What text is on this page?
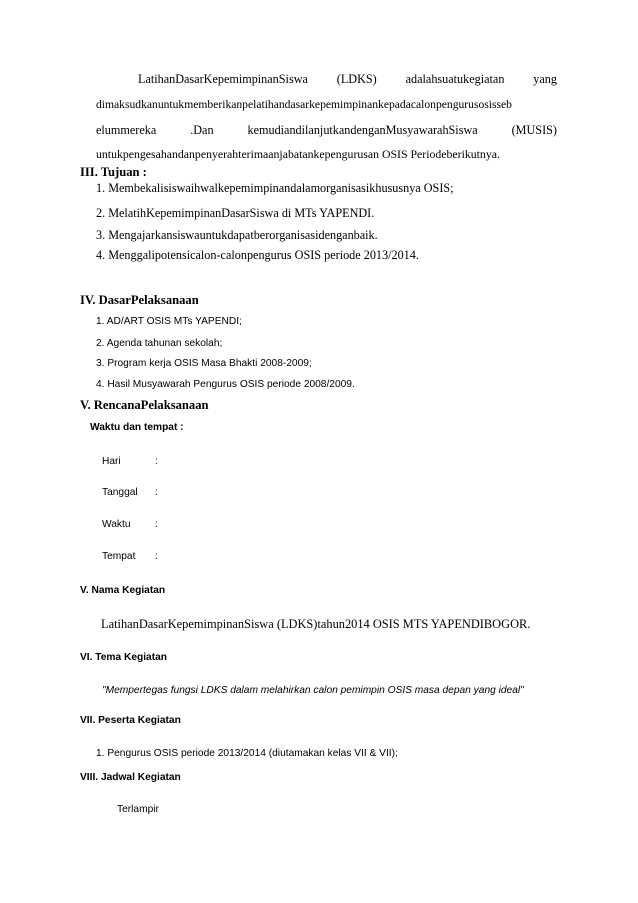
LatihanDasarKepemimpinanSiswa (LDKS) adalahsuatukegiatan yang
dimaksudkanuntukmemberikanpelatihandasarkepemimpinankepadacalonpengurusosisseb
elummereka	.Dan	kemudiandilanjutkandenganMusyawarahSiswa	(MUSIS)
untukpengesahandanpenyerahterimaanjabatankepengurusan OSIS Periodeberikutnya.
III. Tujuan :
1. Membekalisiswaihwalkepemimpinandalamorganisasikhususnya OSIS;
2. MelatihKepemimpinanDasarSiswa di MTs YAPENDI.
3. Mengajarkansiswauntukdapatberorganisasidenganbaik.
4. Menggalipotensicalon-calonpengurus OSIS periode 2013/2014.
IV. DasarPelaksanaan
1. AD/ART OSIS MTs YAPENDI;
2. Agenda tahunan sekolah;
3. Program kerja OSIS Masa Bhakti 2008-2009;
4. Hasil Musyawarah Pengurus OSIS periode 2008/2009.
V. RencanaPelaksanaan
Waktu dan tempat :
Hari	:
Tanggal :
Waktu :
Tempat :
V. Nama Kegiatan
LatihanDasarKepemimpinanSiswa (LDKS)tahun2014 OSIS MTS YAPENDIBOGOR.
VI. Tema Kegiatan
"Mempertegas fungsi LDKS dalam melahirkan calon pemimpin OSIS masa depan yang ideal"
VII. Peserta Kegiatan
1. Pengurus OSIS periode 2013/2014 (diutamakan kelas VII & VII);
VIII. Jadwal Kegiatan
Terlampir
